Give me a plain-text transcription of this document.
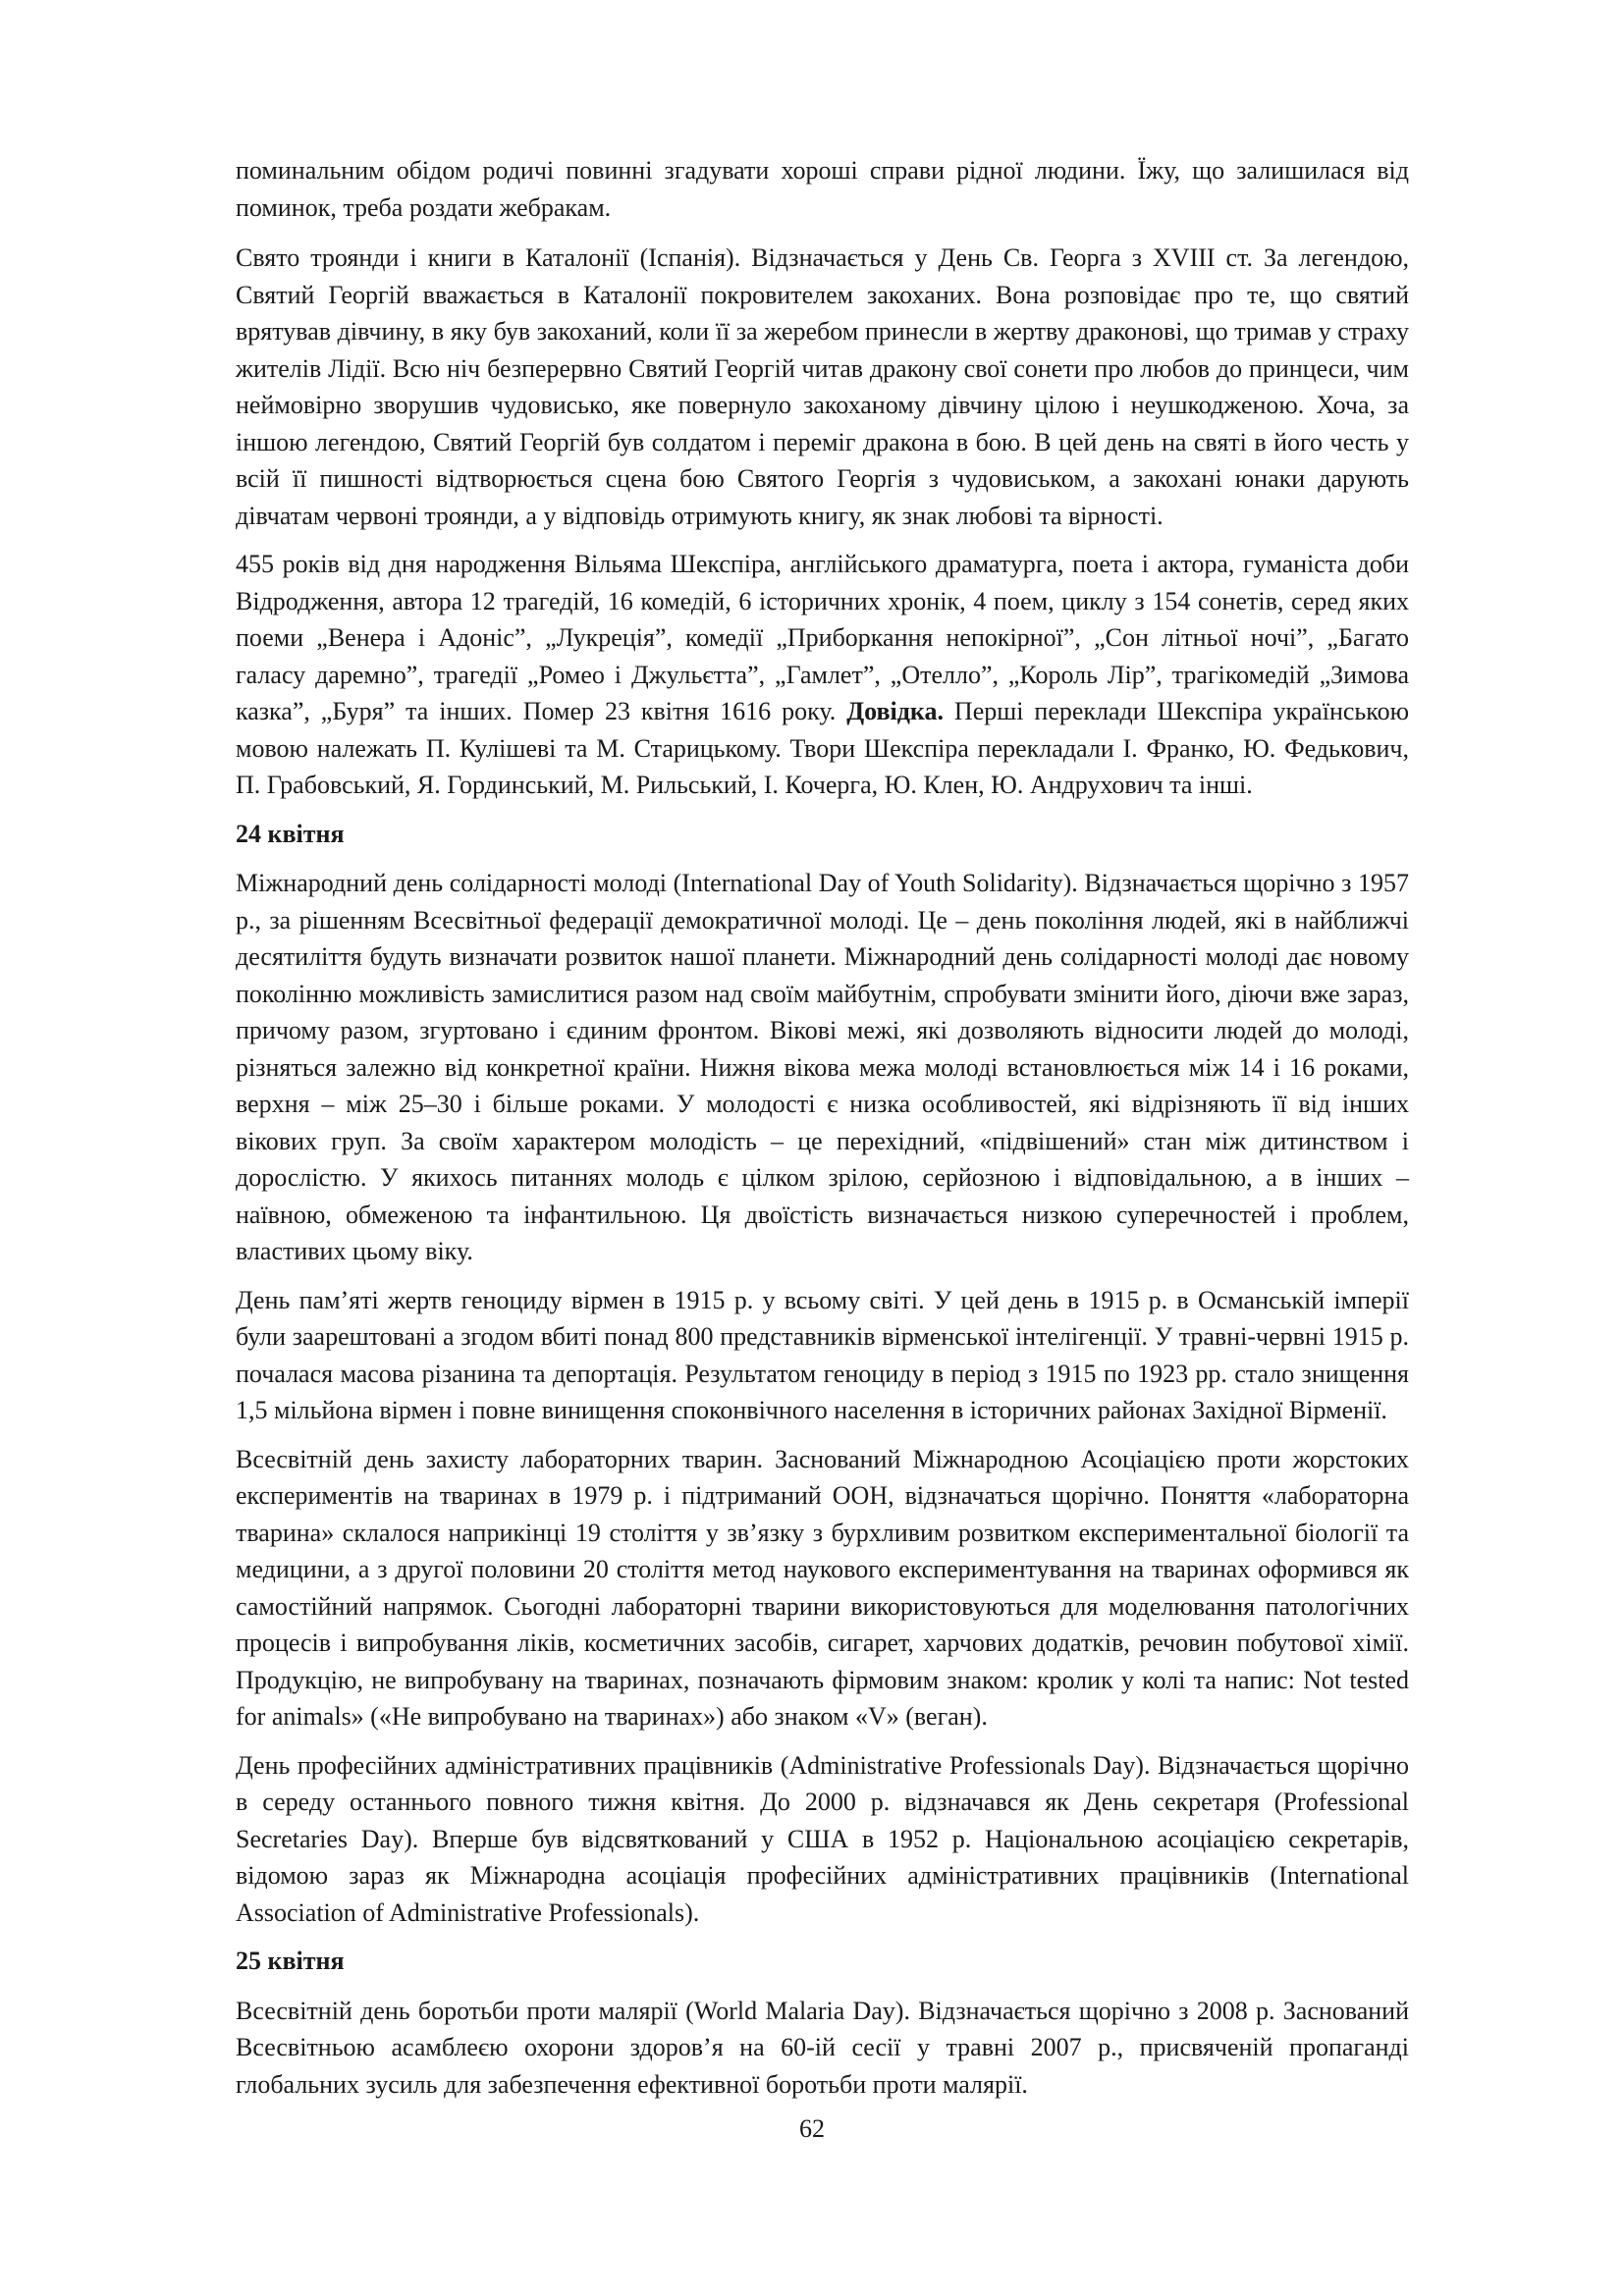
поминальним обідом родичі повинні згадувати хороші справи рідної людини. Їжу, що залишилася від поминок, треба роздати жебракам.

Свято троянди і книги в Каталонії (Іспанія). Відзначається у День Св. Георга з XVIII ст. За легендою, Святий Георгій вважається в Каталонії покровителем закоханих. Вона розповідає про те, що святий врятував дівчину, в яку був закоханий, коли її за жеребом принесли в жертву драконові, що тримав у страху жителів Лідії. Всю ніч безперервно Святий Георгій читав дракону свої сонети про любов до принцеси, чим неймовірно зворушив чудовисько, яке повернуло закоханому дівчину цілою і неушкодженою. Хоча, за іншою легендою, Святий Георгій був солдатом і переміг дракона в бою. В цей день на святі в його честь у всій її пишності відтворюється сцена бою Святого Георгія з чудовиськом, а закохані юнаки дарують дівчатам червоні троянди, а у відповідь отримують книгу, як знак любові та вірності.

455 років від дня народження Вільяма Шекспіра, англійського драматурга, поета і актора, гуманіста доби Відродження, автора 12 трагедій, 16 комедій, 6 історичних хронік, 4 поем, циклу з 154 сонетів, серед яких поеми „Венера і Адоніс”, „Лукреція”, комедії „Приборкання непокірної”, „Сон літньої ночі”, „Багато галасу даремно”, трагедії „Ромео і Джульєтта”, „Гамлет”, „Отелло”, „Король Лір”, трагікомедій „Зимова казка”, „Буря” та інших. Помер 23 квітня 1616 року. Довідка. Перші переклади Шекспіра українською мовою належать П. Кулішеві та М. Старицькому. Твори Шекспіра перекладали І. Франко, Ю. Федькович, П. Грабовський, Я. Гординський, М. Рильський, І. Кочерга, Ю. Клен, Ю. Андрухович та інші.

24 квітня

Міжнародний день солідарності молоді (International Day of Youth Solidarity). Відзначається щорічно з 1957 р., за рішенням Всесвітньої федерації демократичної молоді. Це – день покоління людей, які в найближчі десятиліття будуть визначати розвиток нашої планети. Міжнародний день солідарності молоді дає новому поколінню можливість замислитися разом над своїм майбутнім, спробувати змінити його, діючи вже зараз, причому разом, згуртовано і єдиним фронтом. Вікові межі, які дозволяють відносити людей до молоді, різняться залежно від конкретної країни. Нижня вікова межа молоді встановлюється між 14 і 16 роками, верхня – між 25–30 і більше роками. У молодості є низка особливостей, які відрізняють її від інших вікових груп. За своїм характером молодість – це перехідний, «підвішений» стан між дитинством і дорослістю. У якихось питаннях молодь є цілком зрілою, серйозною і відповідальною, а в інших – наївною, обмеженою та інфантильною. Ця двоїстість визначається низкою суперечностей і проблем, властивих цьому віку.

День пам’яті жертв геноциду вірмен в 1915 р. у всьому світі. У цей день в 1915 р. в Османській імперії були заарештовані а згодом вбиті понад 800 представників вірменської інтелігенції. У травні-червні 1915 р. почалася масова різанина та депортація. Результатом геноциду в період з 1915 по 1923 рр. стало знищення 1,5 мільйона вірмен і повне винищення споконвічного населення в історичних районах Західної Вірменії.

Всесвітній день захисту лабораторних тварин. Заснований Міжнародною Асоціацією проти жорстоких експериментів на тваринах в 1979 р. і підтриманий ООН, відзначаться щорічно. Поняття «лабораторна тварина» склалося наприкінці 19 століття у зв’язку з бурхливим розвитком експериментальної біології та медицини, а з другої половини 20 століття метод наукового експериментування на тваринах оформився як самостійний напрямок. Сьогодні лабораторні тварини використовуються для моделювання патологічних процесів і випробування ліків, косметичних засобів, сигарет, харчових додатків, речовин побутової хімії. Продукцію, не випробувану на тваринах, позначають фірмовим знаком: кролик у колі та напис: Not tested for animals» («Не випробувано на тваринах») або знаком «V» (веган).

День професійних адміністративних працівників (Administrative Professionals Day). Відзначається щорічно в середу останнього повного тижня квітня. До 2000 р. відзначався як День секретаря (Professional Secretaries Day). Вперше був відсвяткований у США в 1952 р. Національною асоціацією секретарів, відомою зараз як Міжнародна асоціація професійних адміністративних працівників (International Association of Administrative Professionals).

25 квітня

Всесвітній день боротьби проти малярії (World Malaria Day). Відзначається щорічно з 2008 р. Заснований Всесвітньою асамблеєю охорони здоров’я на 60-ій сесії у травні 2007 р., присвяченій пропаганді глобальних зусиль для забезпечення ефективної боротьби проти малярії.

62
